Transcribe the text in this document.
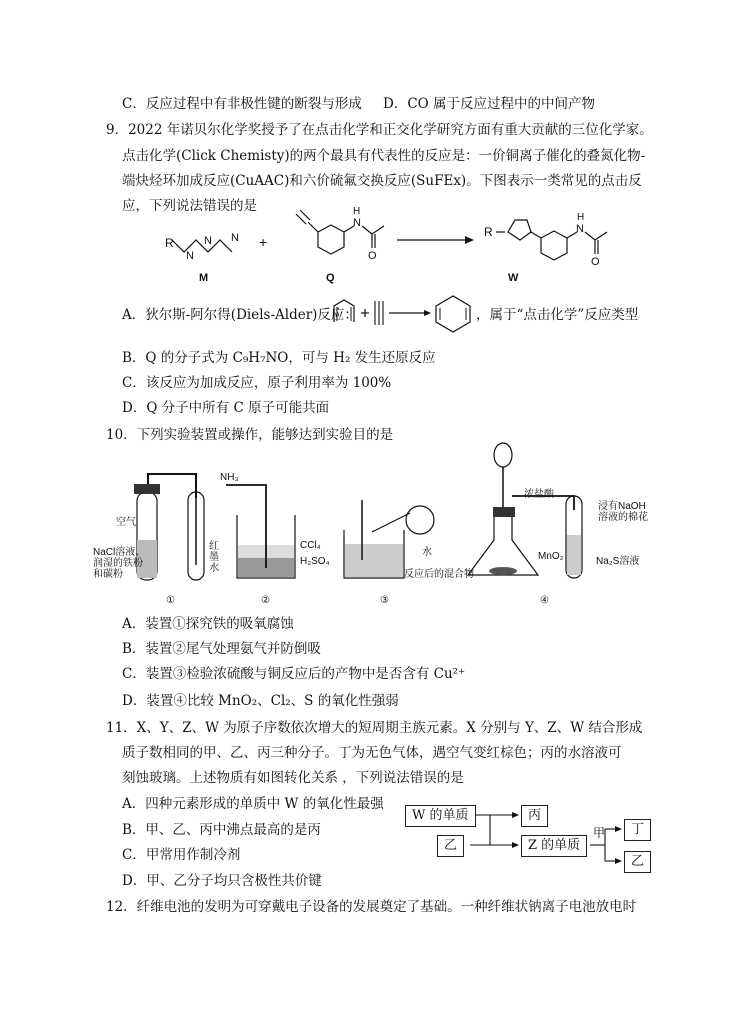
C．反应过程中有非极性键的断裂与形成 D．CO 属于反应过程中的中间产物
9．2022 年诺贝尔化学奖授予了在点击化学和正交化学研究方面有重大贡献的三位化学家。
点击化学(Click Chemisty)的两个最具有代表性的反应是：一价铜离子催化的叠氮化物-
端炔烃环加成反应(CuAAC)和六价硫氟交换反应(SuFEx)。下图表示一类常见的点击反
应，下列说法错误的是
R
N
N N
M
+
N
H
O
Q
R	N
H
O
W
A．狄尔斯-阿尔得(Diels-Alder)反应：	，属于“点击化学”反应类型
B．Q 的分子式为 C₉H₇NO，可与 H₂ 发生还原反应
C．该反应为加成反应，原子利用率为 100%
D．Q 分子中所有 C 原子可能共面
10．下列实验装置或操作，能够达到实验目的是
空气
NaCl溶液、
润湿的铁粉
和碳粉
红
墨
水
NH₃
CCl₄
H₂SO₄
水
反应后的混合物
浓盐酸
浸有NaOH
溶液的棉花
MnO₂	Na₂S溶液
①	②	③	④
A．装置①探究铁的吸氧腐蚀
B．装置②尾气处理氨气并防倒吸
C．装置③检验浓硫酸与铜反应后的产物中是否含有 Cu²⁺
D．装置④比较 MnO₂、Cl₂、S 的氧化性强弱
11．X、Y、Z、W 为原子序数依次增大的短周期主族元素。X 分别与 Y、Z、W 结合形成
质子数相同的甲、乙、丙三种分子。丁为无色气体，遇空气变红棕色；丙的水溶液可
刻蚀玻璃。上述物质有如图转化关系 ，下列说法错误的是
A．四种元素形成的单质中 W 的氧化性最强
B．甲、乙、丙中沸点最高的是丙
C．甲常用作制冷剂
D．甲、乙分子均只含极性共价键
W 的单质
乙
丙
Z 的单质
甲	丁
乙
12．纤维电池的发明为可穿戴电子设备的发展奠定了基础。一种纤维状钠离子电池放电时
